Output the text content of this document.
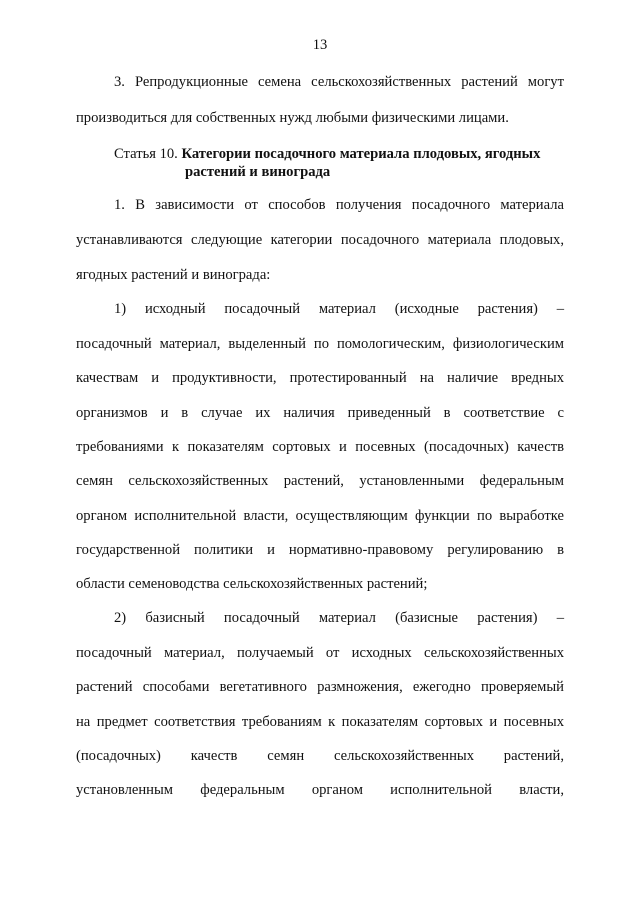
13
3. Репродукционные семена сельскохозяйственных растений могут
производиться для собственных нужд любыми физическими лицами.
Статья 10. Категории посадочного материала плодовых, ягодных
растений и винограда
1. В зависимости от способов получения посадочного материала
устанавливаются следующие категории посадочного материала плодовых,
ягодных растений и винограда:
1) исходный посадочный материал (исходные растения) –
посадочный материал, выделенный по помологическим, физиологическим
качествам и продуктивности, протестированный на наличие вредных
организмов и в случае их наличия приведенный в соответствие с
требованиями к показателям сортовых и посевных (посадочных) качеств
семян сельскохозяйственных растений, установленными федеральным
органом исполнительной власти, осуществляющим функции по выработке
государственной политики и нормативно-правовому регулированию в
области семеноводства сельскохозяйственных растений;
2) базисный посадочный материал (базисные растения) –
посадочный материал, получаемый от исходных сельскохозяйственных
растений способами вегетативного размножения, ежегодно проверяемый
на предмет соответствия требованиям к показателям сортовых и посевных
(посадочных) качеств семян сельскохозяйственных растений,
установленным федеральным органом исполнительной власти,
